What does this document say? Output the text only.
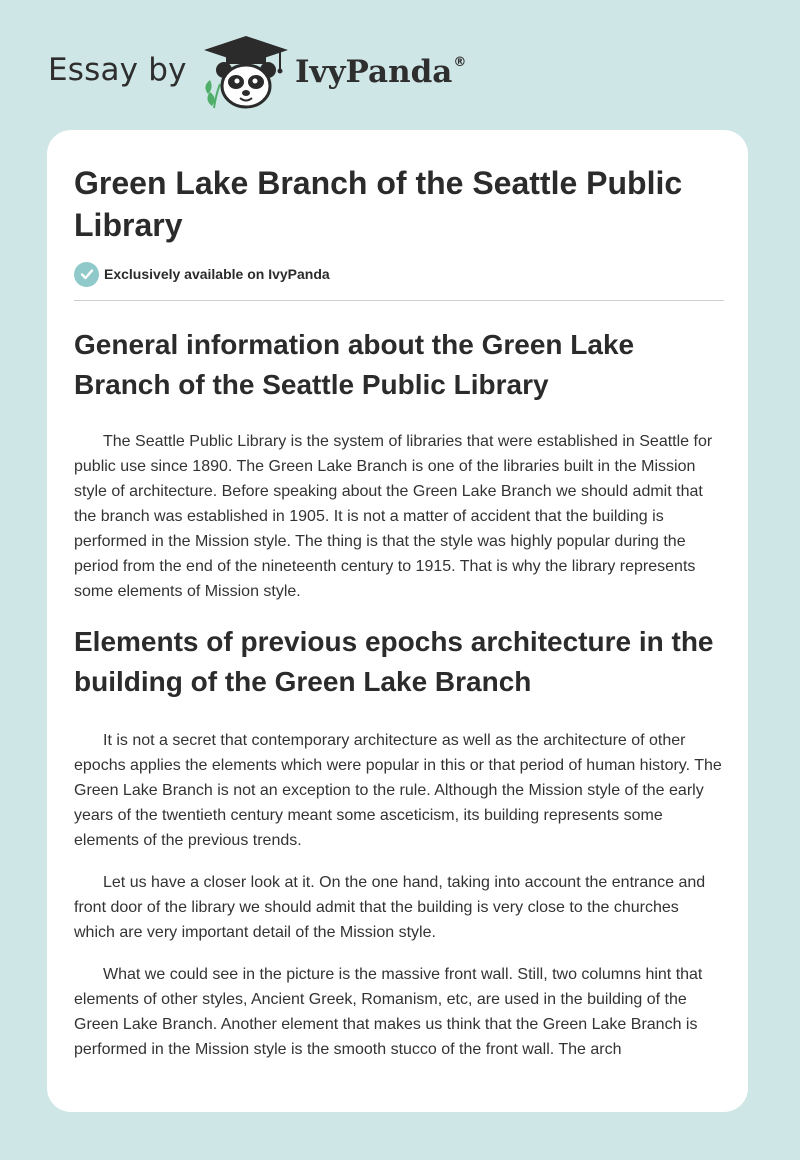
Essay by	IvyPanda®
Green Lake Branch of the Seattle Public Library
Exclusively available on IvyPanda
General information about the Green Lake Branch of the Seattle Public Library

The Seattle Public Library is the system of libraries that were established in Seattle for public use since 1890. The Green Lake Branch is one of the libraries built in the Mission style of architecture. Before speaking about the Green Lake Branch we should admit that the branch was established in 1905. It is not a matter of accident that the building is performed in the Mission style. The thing is that the style was highly popular during the period from the end of the nineteenth century to 1915. That is why the library represents some elements of Mission style.

Elements of previous epochs architecture in the building of the Green Lake Branch

It is not a secret that contemporary architecture as well as the architecture of other epochs applies the elements which were popular in this or that period of human history. The Green Lake Branch is not an exception to the rule. Although the Mission style of the early years of the twentieth century meant some asceticism, its building represents some elements of the previous trends.

Let us have a closer look at it. On the one hand, taking into account the entrance and front door of the library we should admit that the building is very close to the churches which are very important detail of the Mission style.

What we could see in the picture is the massive front wall. Still, two columns hint that elements of other styles, Ancient Greek, Romanism, etc, are used in the building of the Green Lake Branch. Another element that makes us think that the Green Lake Branch is performed in the Mission style is the smooth stucco of the front wall. The arch
